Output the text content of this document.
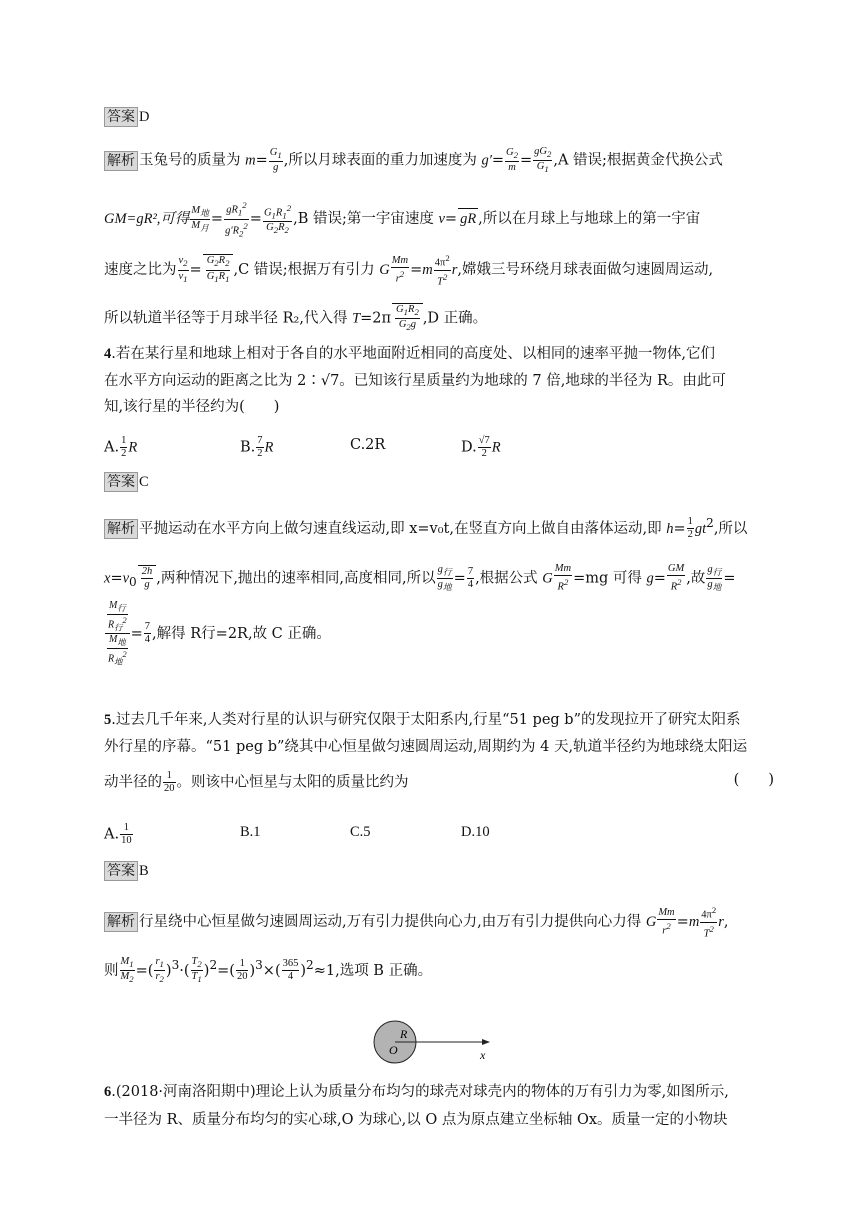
答案 D
解析 玉兔号的质量为 $m= \frac{G_1}{g}$ ,所以月球表面的重力加速度为 $g'= \frac{G_2}{m} = \frac{gG_2}{G_1} ,A$ 错误;根据黄金代换公式
GM=gR²,可得 $\frac{M_地}{M_月} = \frac{gR_1^2}{g'R_2^2} = \frac{G_1R_1^2}{G_2R_2} ,B$ 错误;第一宇宙速度 v= gR ,所以在月球上与地球上的第一宇宙
速度之比为 $\frac{v_2}{v_1} = \frac{G_2R_2}{G_1R_1} ,C$ 错误;根据万有引力 G $\frac{Mm}{r^2} =m \frac{4\pi^2}{T^2} r$,嫦娥三号环绕月球表面做匀速圆周运动,
所以轨道半径等于月球半径 R₂,代入得 $T=2\pi \frac{G_1R_2}{G_2g} ,D$ 正确。
4.若在某行星和地球上相对于各自的水平地面附近相同的高度处、以相同的速率平抛一物体,它们
在水平方向运动的距离之比为 2∶√7。已知该行星质量约为地球的 7 倍,地球的半径为 R。由此可
知,该行星的半径约为(　　)
A. $\frac{1}{2}$ R	B. $\frac{7}{2}$ R	C.2R	D. $\frac{√7}{2}$ R
答案 C
解析 平抛运动在水平方向上做匀速直线运动,即 x=v₀t,在竖直方向上做自由落体运动,即 $h= \frac{1}{2} gt^2$,所以
$x=v_0 \frac{2h}{g}$ ,两种情况下,抛出的速率相同,高度相同,所以 $\frac{g_行}{g_地} = \frac{7}{4}$ ,根据公式 G $\frac{Mm}{R^2} =mg$ 可得 $g= \frac{GM}{R^2}$ ,故 $\frac{g_行}{g_地}$ =
$\frac{\frac{M_行}{R_行^2}}{\frac{M_地}{R_地^2}} = \frac{7}{4}$ ,解得 R行=2R,故 C 正确。
5.过去几千年来,人类对行星的认识与研究仅限于太阳系内,行星“51 peg b”的发现拉开了研究太阳系
外行星的序幕。“51 peg b”绕其中心恒星做匀速圆周运动,周期约为 4 天,轨道半径约为地球绕太阳运
动半径的 $\frac{1}{20}$ 。则该中心恒星与太阳的质量比约为	(　　)
A. $\frac{1}{10}$	B.1	C.5	D.10
答案 B
解析 行星绕中心恒星做匀速圆周运动,万有引力提供向心力,由万有引力提供向心力得 G $\frac{Mm}{r^2} =m \frac{4\pi^2}{T^2} r$,
则 $\frac{M_1}{M_2}$ =( $\frac{r_1}{r_2} )^3\cdot( \frac{T_2}{T_1} )^2=( \frac{1}{20} )^3\times( \frac{365}{4} )^2\approx 1$,选项 B 正确。
R
O	x
6.(2018·河南洛阳期中)理论上认为质量分布均匀的球壳对球壳内的物体的万有引力为零,如图所示,
一半径为 R、质量分布均匀的实心球,O 为球心,以 O 点为原点建立坐标轴 Ox。质量一定的小物块
